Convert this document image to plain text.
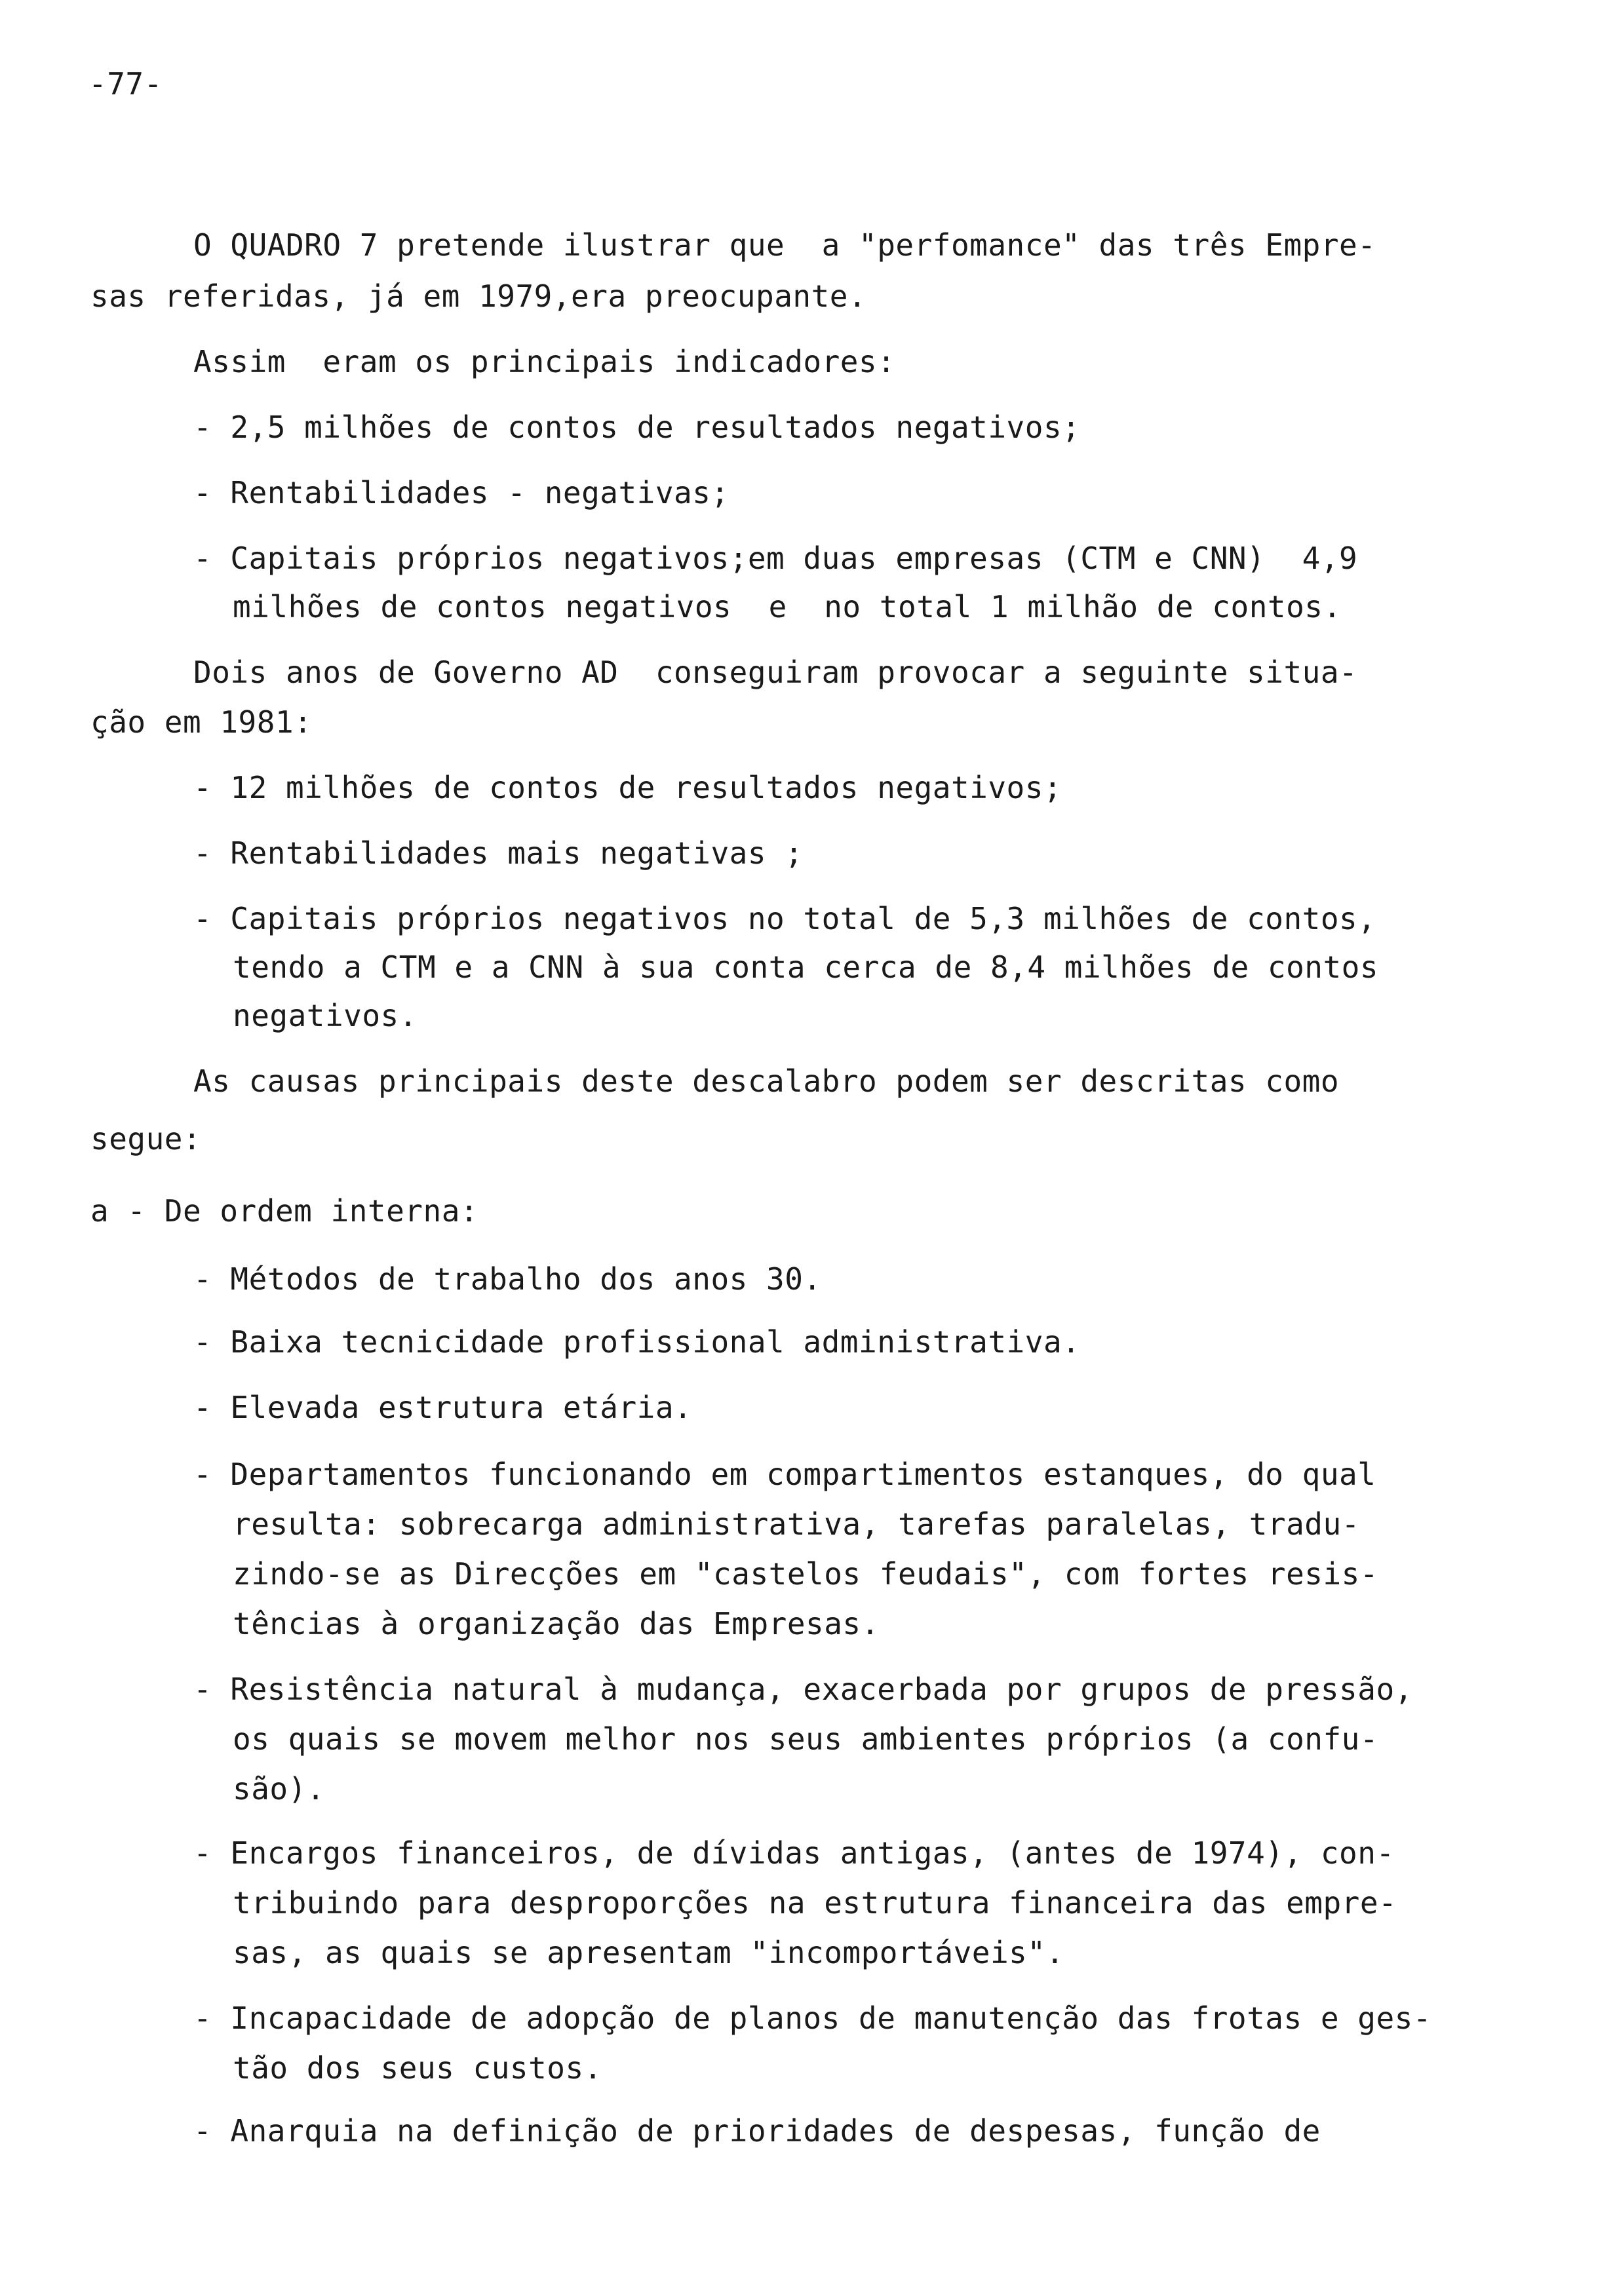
-77-
O QUADRO 7 pretende ilustrar que  a "perfomance" das três Empre-
sas referidas, já em 1979,era preocupante.
Assim  eram os principais indicadores:
- 2,5 milhões de contos de resultados negativos;
- Rentabilidades - negativas;
- Capitais próprios negativos;em duas empresas (CTM e CNN)  4,9
milhões de contos negativos  e  no total 1 milhão de contos.
Dois anos de Governo AD  conseguiram provocar a seguinte situa-
ção em 1981:
- 12 milhões de contos de resultados negativos;
- Rentabilidades mais negativas ;
- Capitais próprios negativos no total de 5,3 milhões de contos,
tendo a CTM e a CNN à sua conta cerca de 8,4 milhões de contos
negativos.
As causas principais deste descalabro podem ser descritas como
segue:
a - De ordem interna:
- Métodos de trabalho dos anos 30.
- Baixa tecnicidade profissional administrativa.
- Elevada estrutura etária.
- Departamentos funcionando em compartimentos estanques, do qual
resulta: sobrecarga administrativa, tarefas paralelas, tradu-
zindo-se as Direcções em "castelos feudais", com fortes resis-
tências à organização das Empresas.
- Resistência natural à mudança, exacerbada por grupos de pressão,
os quais se movem melhor nos seus ambientes próprios (a confu-
são).
- Encargos financeiros, de dívidas antigas, (antes de 1974), con-
tribuindo para desproporções na estrutura financeira das empre-
sas, as quais se apresentam "incomportáveis".
- Incapacidade de adopção de planos de manutenção das frotas e ges-
tão dos seus custos.
- Anarquia na definição de prioridades de despesas, função de
